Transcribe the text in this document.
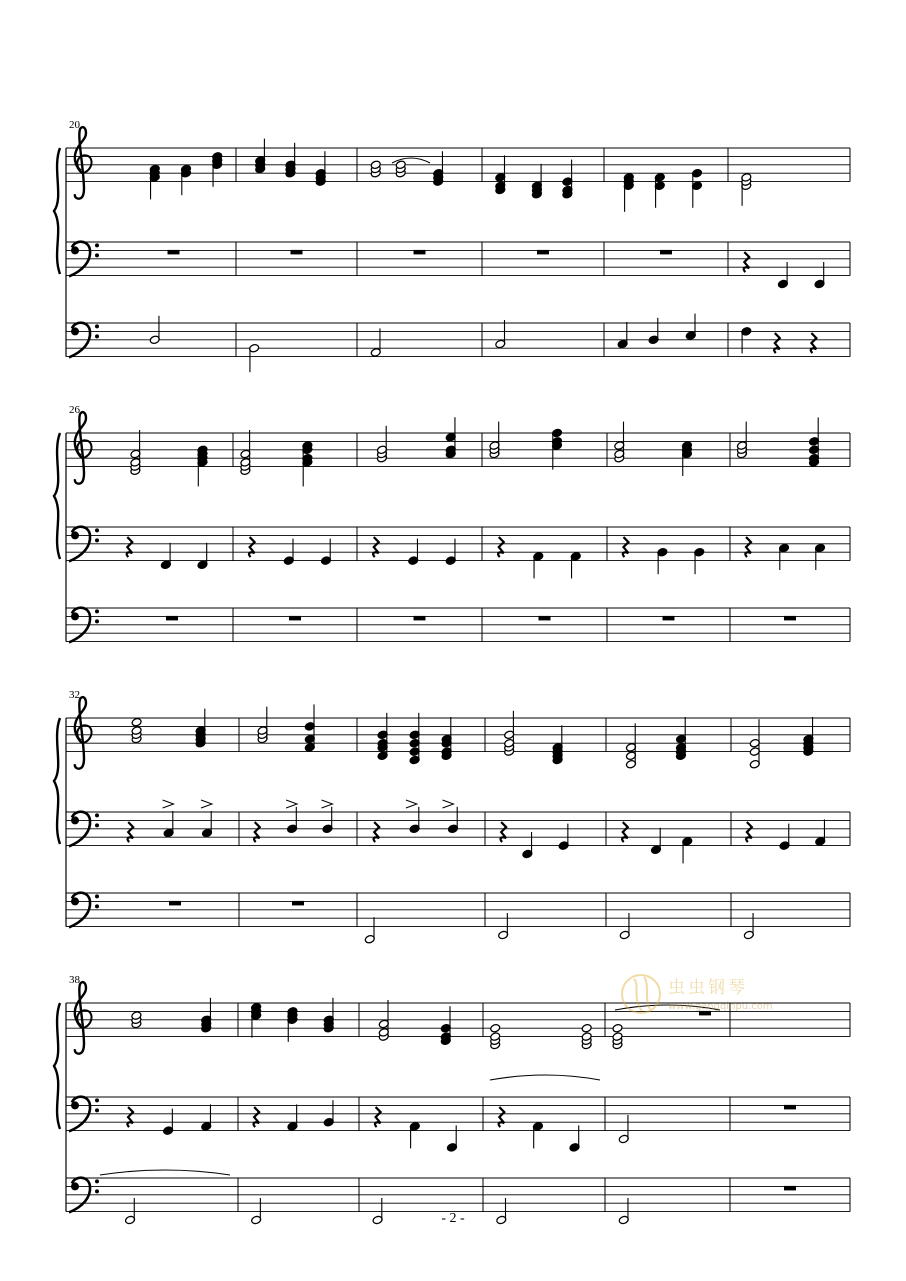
20
26
32
38
- 2 -
虫虫钢琴
www.gangqinpu.com
